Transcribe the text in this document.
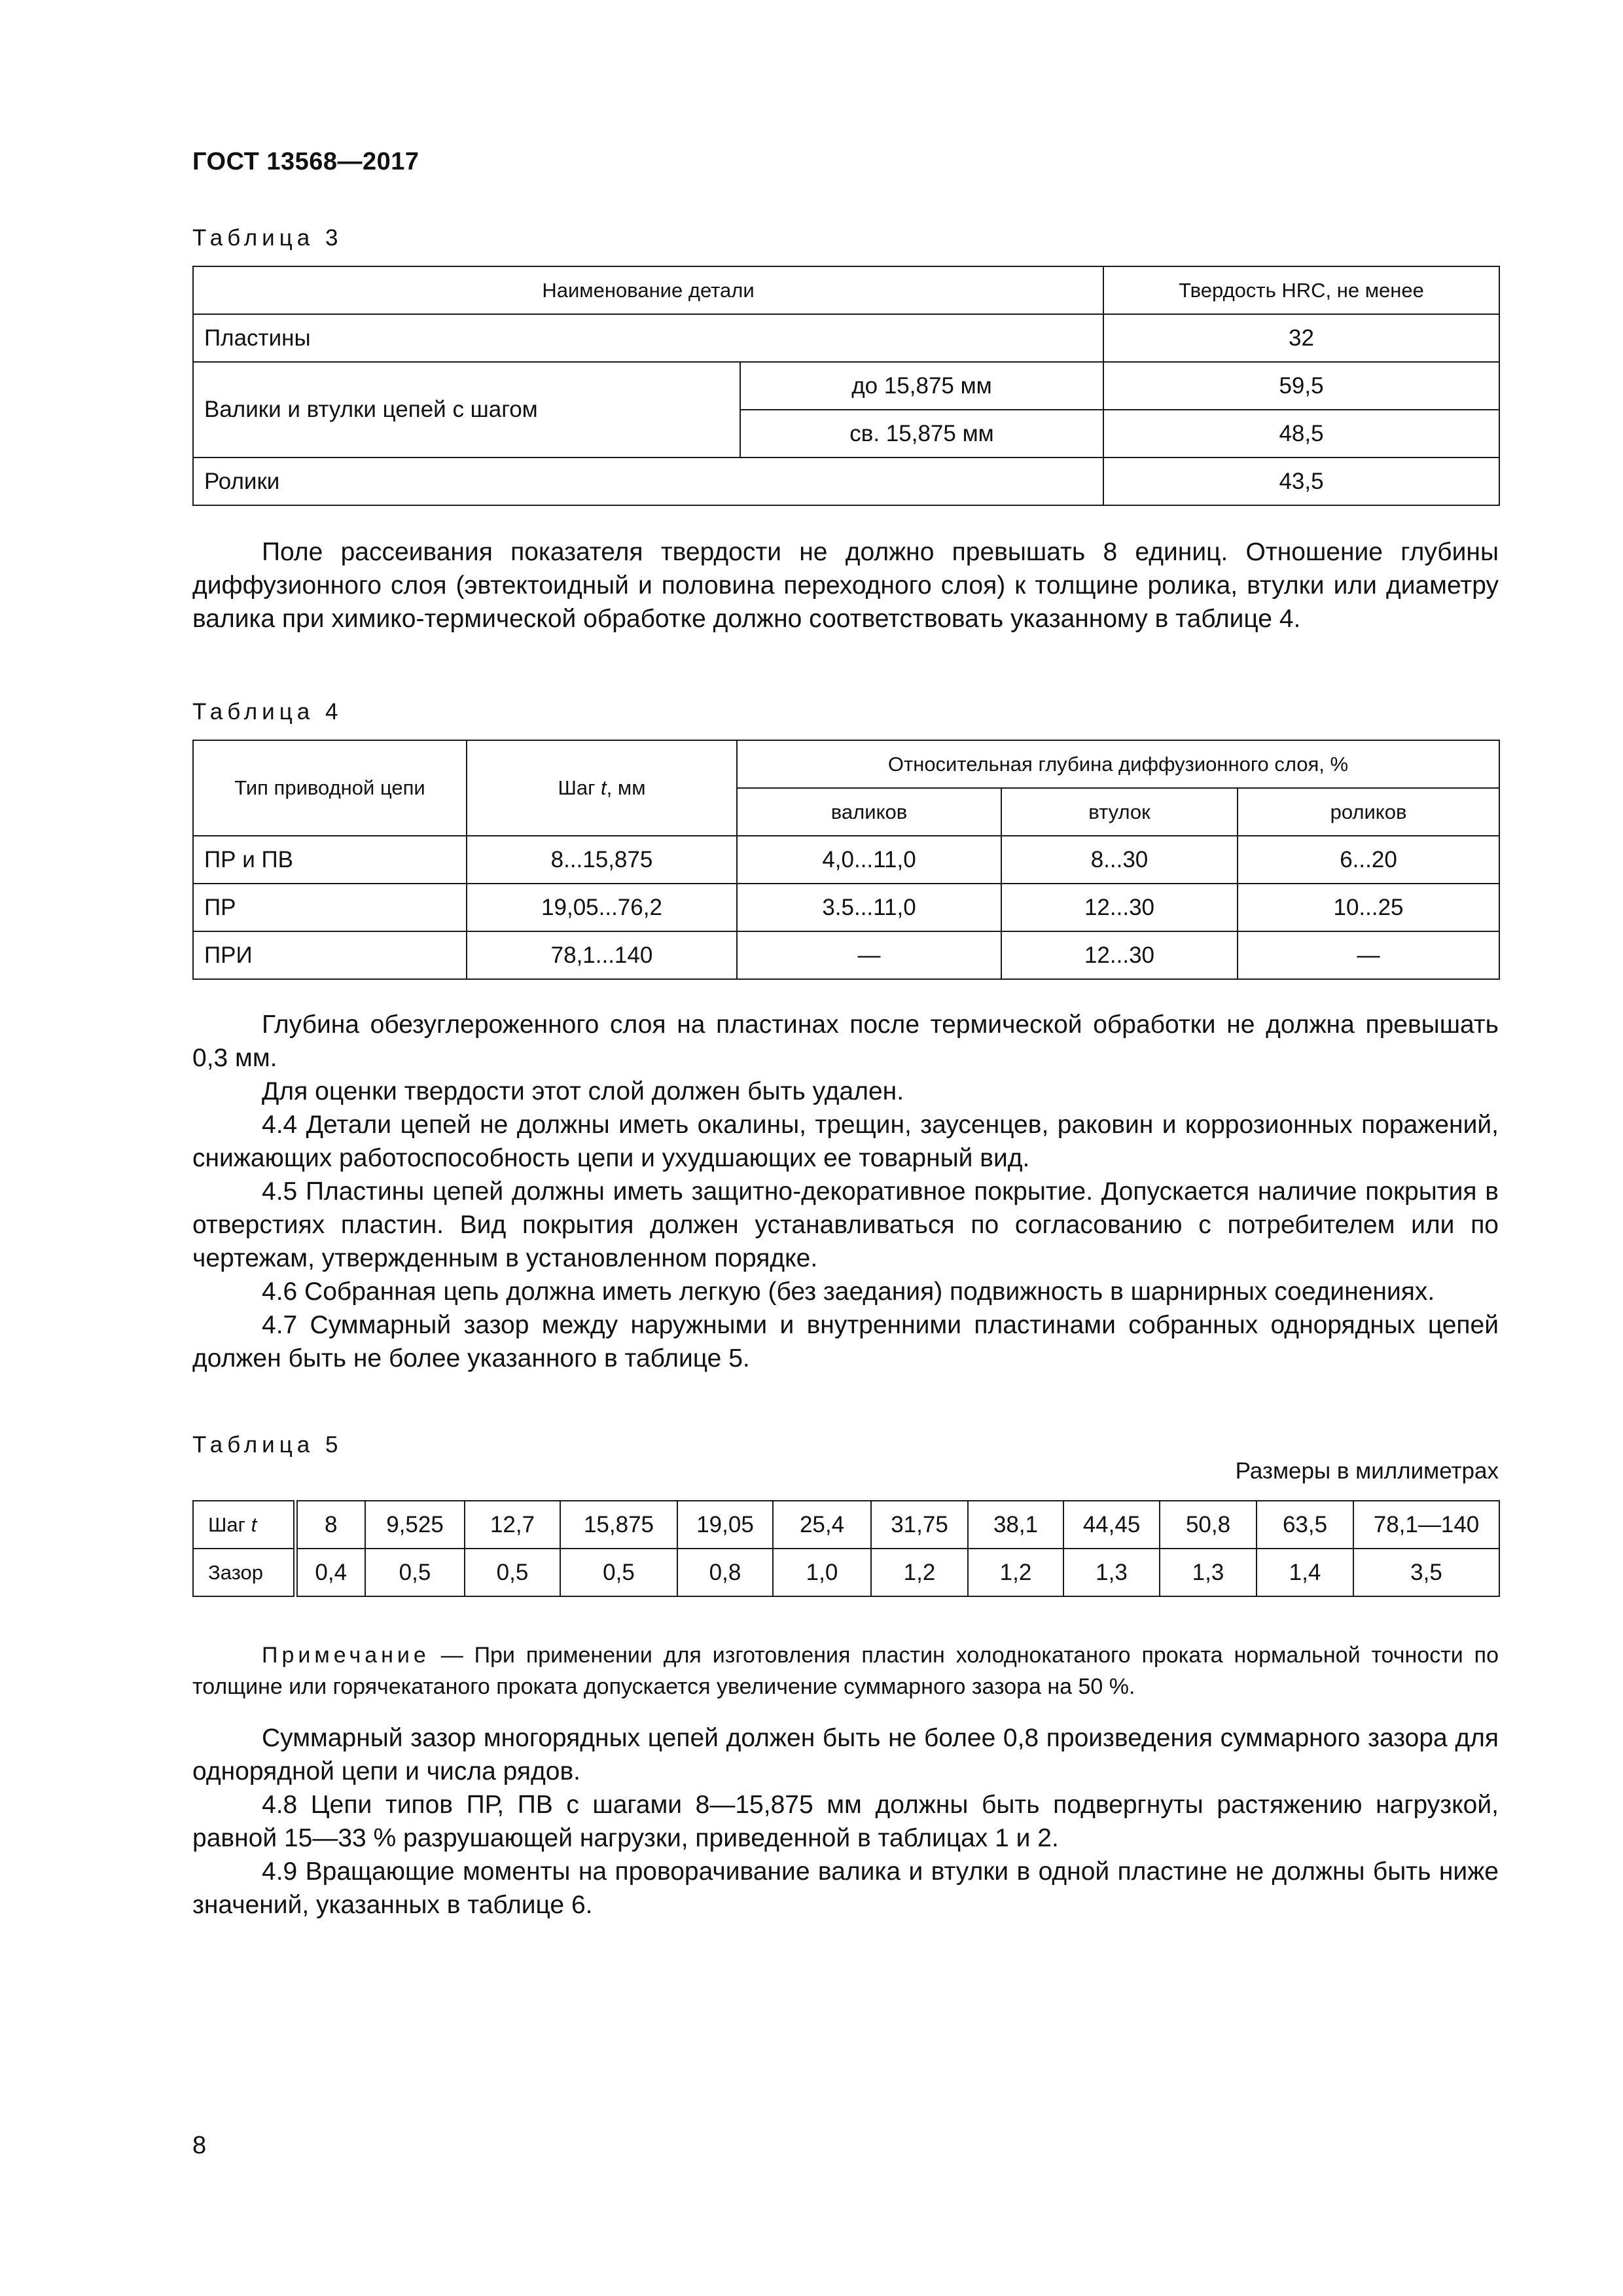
ГОСТ 13568—2017
Таблица 3
Наименование детали		Твердость HRC, не менее
Пластины		32
Валики и втулки цепей с шагом	до 15,875 мм	59,5
	св. 15,875 мм	48,5
Ролики		43,5

Поле рассеивания показателя твердости не должно превышать 8 единиц. Отношение глубины диффузионного слоя (эвтектоидный и половина переходного слоя) к толщине ролика, втулки или диаметру валика при химико-термической обработке должно соответствовать указанному в таблице 4.

Таблица 4
Тип приводной цепи	Шаг t, мм	Относительная глубина диффузионного слоя, %		
		валиков	втулок	роликов
ПР и ПВ	8...15,875	4,0...11,0	8...30	6...20
ПР	19,05...76,2	3.5...11,0	12...30	10...25
ПРИ	78,1...140	—	12...30	—

Глубина обезуглероженного слоя на пластинах после термической обработки не должна превышать 0,3 мм.

Для оценки твердости этот слой должен быть удален.

4.4 Детали цепей не должны иметь окалины, трещин, заусенцев, раковин и коррозионных поражений, снижающих работоспособность цепи и ухудшающих ее товарный вид.

4.5 Пластины цепей должны иметь защитно-декоративное покрытие. Допускается наличие покрытия в отверстиях пластин. Вид покрытия должен устанавливаться по согласованию с потребителем или по чертежам, утвержденным в установленном порядке.

4.6 Собранная цепь должна иметь легкую (без заедания) подвижность в шарнирных соединениях.

4.7 Суммарный зазор между наружными и внутренними пластинами собранных однорядных цепей должен быть не более указанного в таблице 5.

Таблица 5
Размеры в миллиметрах
Шаг t	8	9,525	12,7	15,875	19,05	25,4	31,75	38,1	44,45	50,8	63,5	78,1—140
Зазор	0,4	0,5	0,5	0,5	0,8	1,0	1,2	1,2	1,3	1,3	1,4	3,5

Примечание — При применении для изготовления пластин холоднокатаного проката нормальной точности по толщине или горячекатаного проката допускается увеличение суммарного зазора на 50 %.

Суммарный зазор многорядных цепей должен быть не более 0,8 произведения суммарного зазора для однорядной цепи и числа рядов.

4.8 Цепи типов ПР, ПВ с шагами 8—15,875 мм должны быть подвергнуты растяжению нагрузкой, равной 15—33 % разрушающей нагрузки, приведенной в таблицах 1 и 2.

4.9 Вращающие моменты на проворачивание валика и втулки в одной пластине не должны быть ниже значений, указанных в таблице 6.

8
